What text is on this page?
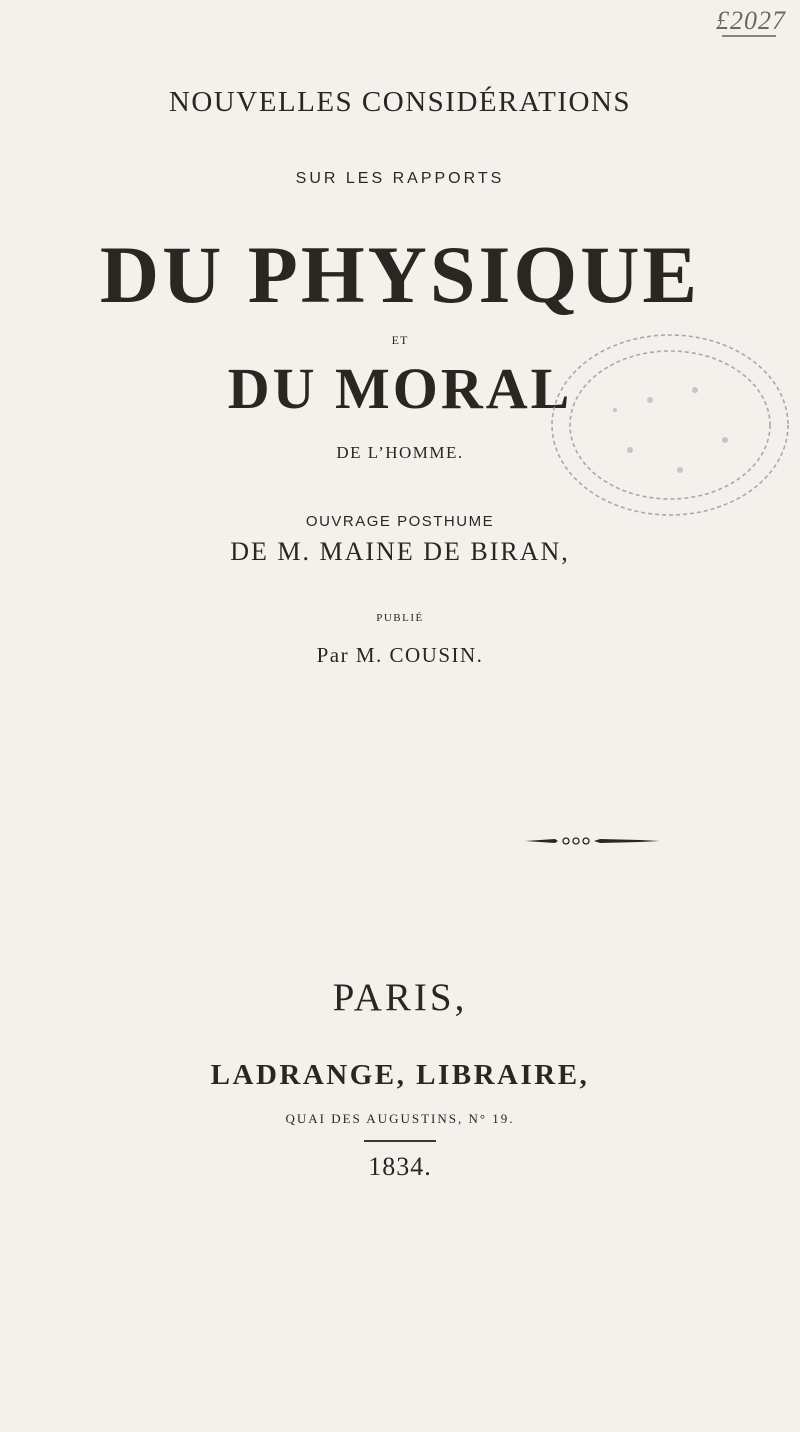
£2027
NOUVELLES CONSIDÉRATIONS
SUR LES RAPPORTS
DU PHYSIQUE
ET
DU MORAL
DE L’HOMME.
OUVRAGE POSTHUME
DE M. MAINE DE BIRAN,
PUBLIÉ
Par M. COUSIN.
PARIS,
LADRANGE, LIBRAIRE,
QUAI DES AUGUSTINS, N° 19.
1834.
